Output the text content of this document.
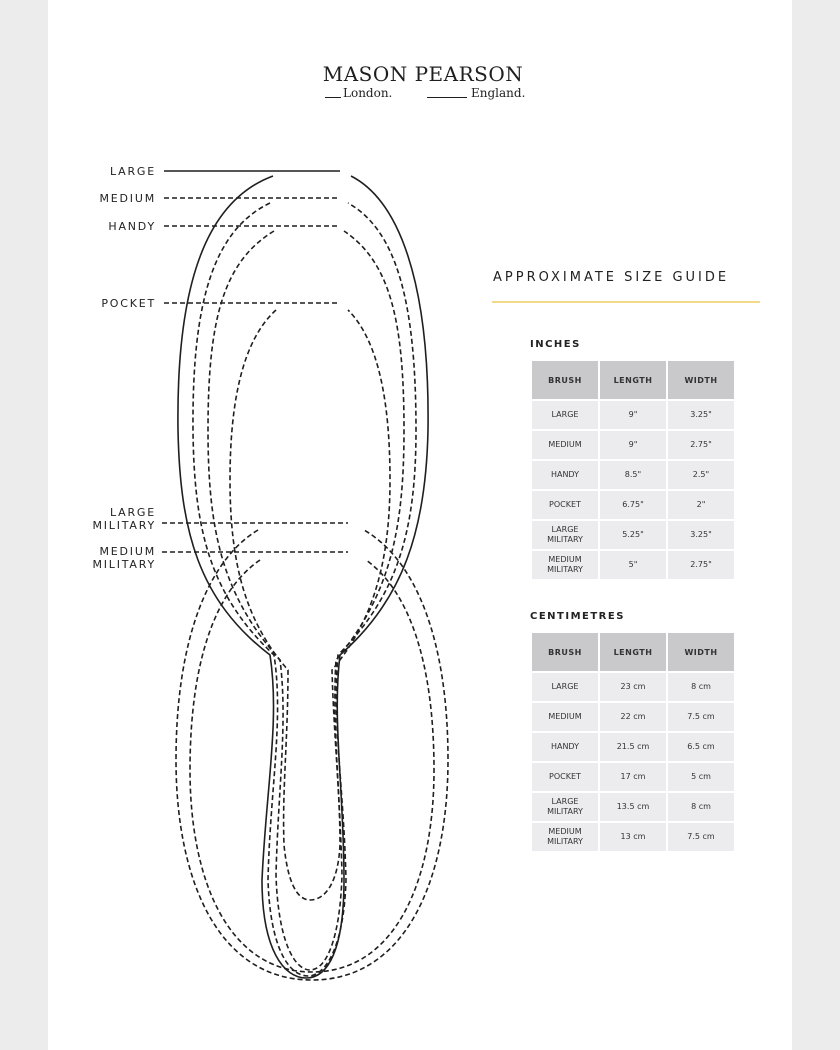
MASON PEARSON
London.	England.
LARGE
MEDIUM
HANDY
POCKET
LARGE
MILITARY
MEDIUM
MILITARY
APPROXIMATE SIZE GUIDE
INCHES
BRUSH	LENGTH	WIDTH
LARGE	9"	3.25"
MEDIUM	9"	2.75"
HANDY	8.5"	2.5"
POCKET	6.75"	2"
LARGE
MILITARY	5.25"	3.25"
MEDIUM
MILITARY	5"	2.75"
CENTIMETRES
BRUSH	LENGTH	WIDTH
LARGE	23 cm	8 cm
MEDIUM	22 cm	7.5 cm
HANDY	21.5 cm	6.5 cm
POCKET	17 cm	5 cm
LARGE
MILITARY	13.5 cm	8 cm
MEDIUM
MILITARY	13 cm	7.5 cm
